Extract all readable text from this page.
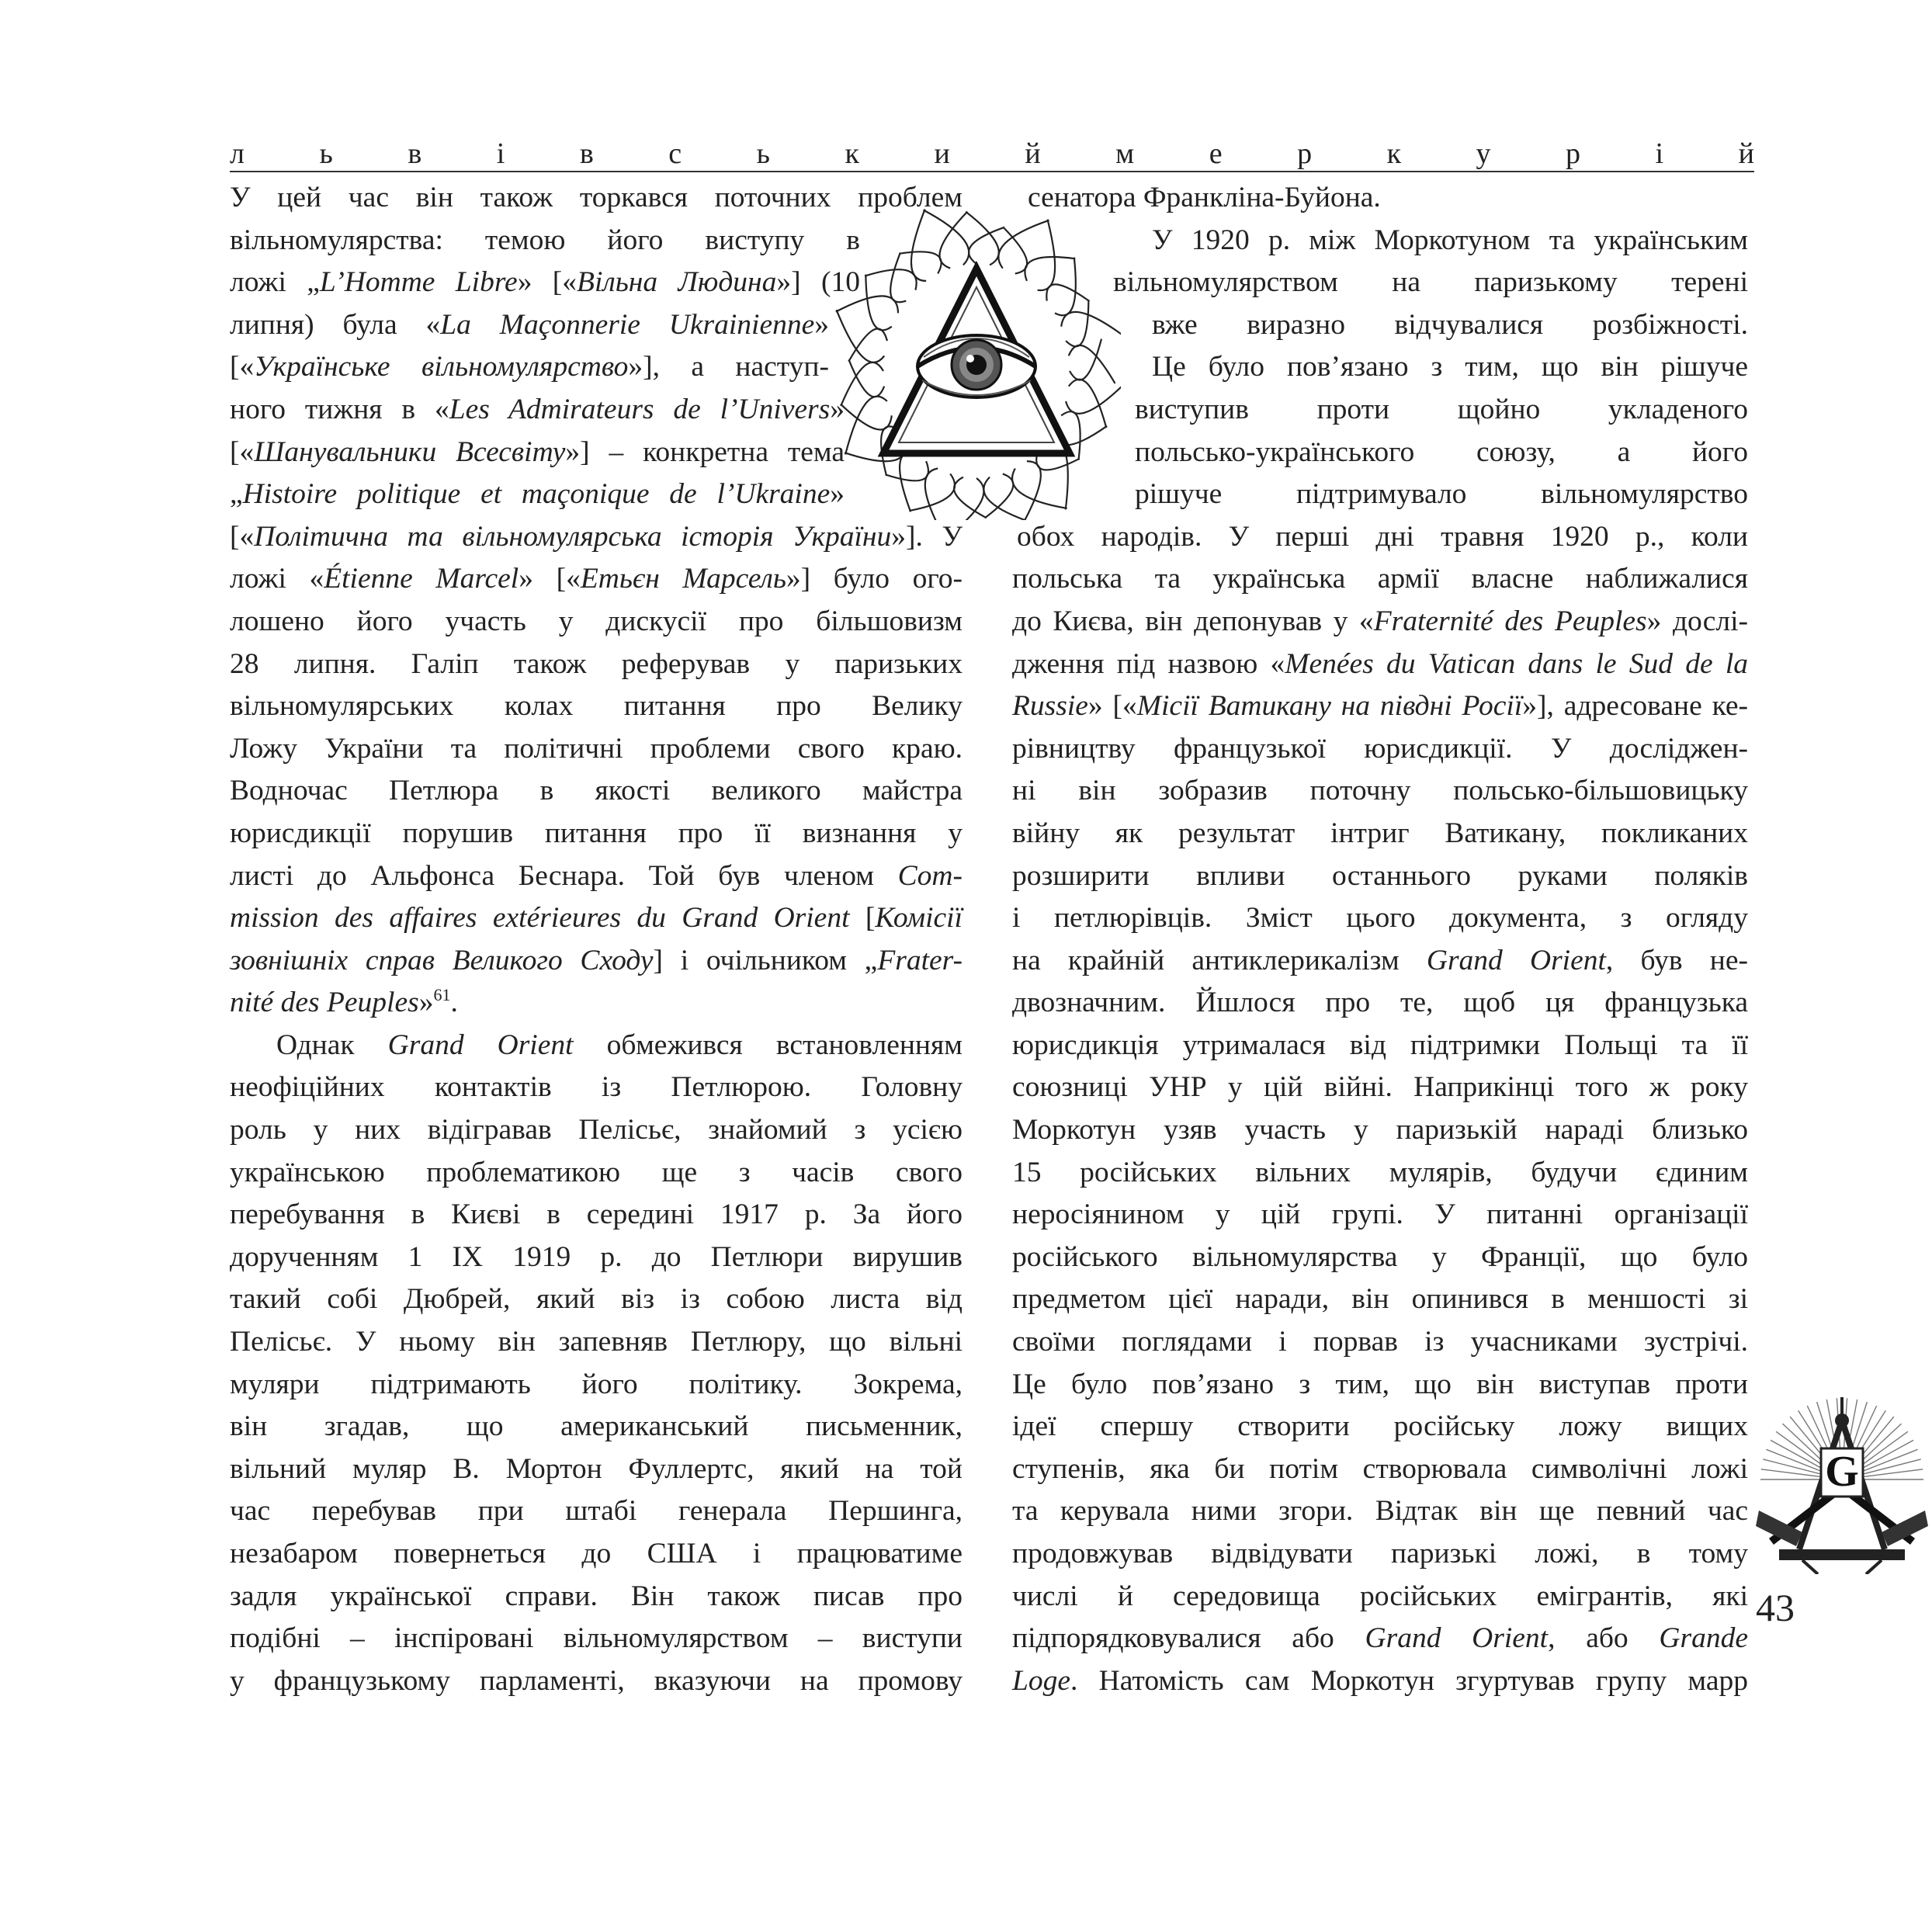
л	ь	в	і	в	с	ь	к	и	й	м	е	р	к	у	р	і	й
У цей час він також торкався поточних проблем
вільномулярства: темою його виступу в
ложі „L’Homme Libre» [«Вільна Людина»] (10
липня) була «La Maçonnerie Ukrainienne»
[«Українське вільномулярство»], а наступ-
ного тижня в «Les Admirateurs de l’Univers»
[«Шанувальники Всесвіту»] – конкретна тема
„Histoire politique et maçonique de l’Ukraine»
[«Політична та вільномулярська історія України»]. У
ложі «Étienne Marcel» [«Етьєн Марсель»] було ого-
лошено його участь у дискусії про більшовизм
28 липня. Галіп також реферував у паризьких
вільномулярських колах питання про Велику
Ложу України та політичні проблеми свого краю.
Водночас Петлюра в якості великого майстра
юрисдикції порушив питання про її визнання у
листі до Альфонса Беснара. Той був членом Com-
mission des affaires extérieures du Grand Orient [Комісії
зовнішніх справ Великого Сходу] і очільником „Frater-
nité des Peuples»$^{61}$.
Однак Grand Orient обмежився встановленням
неофіційних контактів із Петлюрою. Головну
роль у них відігравав Пелісьє, знайомий з усією
українською проблематикою ще з часів свого
перебування в Києві в середині 1917 р. За його
дорученням 1 IX 1919 р. до Петлюри вирушив
такий собі Дюбрей, який віз із собою листа від
Пелісьє. У ньому він запевняв Петлюру, що вільні
муляри підтримають його політику. Зокрема,
він згадав, що американський письменник,
вільний муляр В. Мортон Фуллертс, який на той
час перебував при штабі генерала Першинга,
незабаром повернеться до США і працюватиме
задля української справи. Він також писав про
подібні – інспіровані вільномулярством – виступи
у французькому парламенті, вказуючи на промову
сенатора Франкліна-Буйона.
У 1920 р. між Моркотуном та українським
вільномулярством на паризькому терені
вже виразно відчувалися розбіжності.
Це було пов’язано з тим, що він рішуче
виступив проти щойно укладеного
польсько-українського союзу, а його
рішуче підтримувало вільномулярство
обох народів. У перші дні травня 1920 р., коли
польська та українська армії власне наближалися
до Києва, він депонував у «Fraternité des Peuples» дослі-
дження під назвою «Menées du Vatican dans le Sud de la
Russie» [«Місії Ватикану на півдні Росії»], адресоване ке-
рівництву французької юрисдикції. У досліджен-
ні він зобразив поточну польсько-більшовицьку
війну як результат інтриг Ватикану, покликаних
розширити впливи останнього руками поляків
і петлюрівців. Зміст цього документа, з огляду
на крайній антиклерикалізм Grand Orient, був не-
двозначним. Йшлося про те, щоб ця французька
юрисдикція утрималася від підтримки Польщі та її
союзниці УНР у цій війні. Наприкінці того ж року
Моркотун узяв участь у паризькій нараді близько
15 російських вільних мулярів, будучи єдиним
неросіянином у цій групі. У питанні організації
російського вільномулярства у Франції, що було
предметом цієї наради, він опинився в меншості зі
своїми поглядами і порвав із учасниками зустрічі.
Це було пов’язано з тим, що він виступав проти
ідеї спершу створити російську ложу вищих
ступенів, яка би потім створювала символічні ложі
та керувала ними згори. Відтак він ще певний час
продовжував відвідувати паризькі ложі, в тому
числі й середовища російських емігрантів, які
підпорядковувалися або Grand Orient, або Grande
Loge. Натомість сам Моркотун згуртував групу марр
G
43
